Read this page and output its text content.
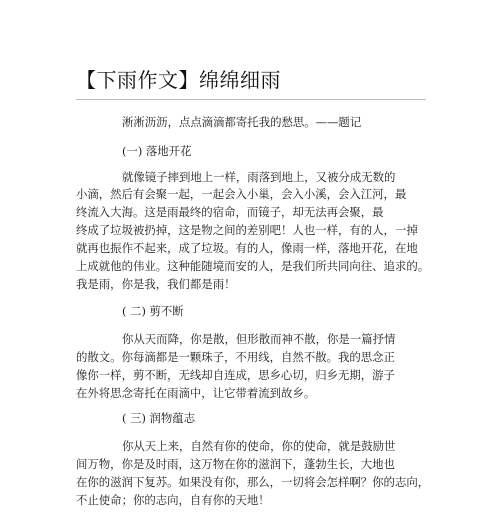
【下雨作文】绵绵细雨
淅淅沥沥，点点滴滴都寄托我的愁思。——题记
(一) 落地开花
就像镜子摔到地上一样，雨落到地上，又被分成无数的
小滴，然后有会聚一起，一起会入小巢，会入小溪，会入江河，最
终流入大海。这是雨最终的宿命，而镜子，却无法再会聚，最
终成了垃圾被扔掉，这是物之间的差别吧！人也一样，有的人，一掉
就再也振作不起来，成了垃圾。有的人，像雨一样，落地开花，在地
上成就他的伟业。这种能随境而安的人，是我们所共同向往、追求的。
我是雨，你是我，我们都是雨！
( 二) 剪不断
你从天而降，你是散，但形散而神不散，你是一篇抒情
的散文。你每滴都是一颗珠子，不用线，自然不散。我的思念正
像你一样，剪不断，无线却自连成，思乡心切，归乡无期，游子
在外将思念寄托在雨滴中，让它带着流到故乡。
( 三) 润物蕴志
你从天上来，自然有你的使命，你的使命，就是鼓励世
间万物，你是及时雨，这万物在你的滋润下，蓬勃生长，大地也
在你的滋润下复苏。如果没有你，那么，一切将会怎样啊？你的志向，
不止使命；你的志向，自有你的天地！
